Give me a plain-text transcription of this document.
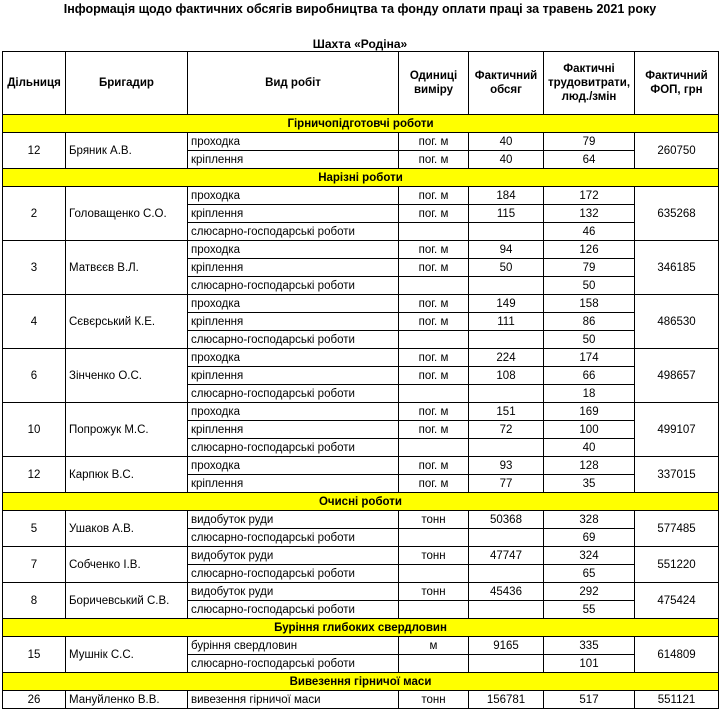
Інформація щодо фактичних обсягів виробництва та фонду оплати праці за травень 2021 року
Шахта «Родіна»
Дільниця	Бригадир	Вид робіт	Одиниці виміру	Фактичний обсяг	Фактичні трудовитрати, люд./змін	Фактичний ФОП, грн
Гірничопідготовчі роботи						
12	Бряник А.В.	проходка	пог. м	40	79	260750
		кріплення	пог. м	40	64	
Нарізні роботи						
2	Головащенко С.О.	проходка	пог. м	184	172	635268
		кріплення	пог. м	115	132	
		слюсарно-господарські роботи			46	
3	Матвєєв В.Л.	проходка	пог. м	94	126	346185
		кріплення	пог. м	50	79	
		слюсарно-господарські роботи			50	
4	Сєвєрський К.Е.	проходка	пог. м	149	158	486530
		кріплення	пог. м	111	86	
		слюсарно-господарські роботи			50	
6	Зінченко О.С.	проходка	пог. м	224	174	498657
		кріплення	пог. м	108	66	
		слюсарно-господарські роботи			18	
10	Попрожук М.С.	проходка	пог. м	151	169	499107
		кріплення	пог. м	72	100	
		слюсарно-господарські роботи			40	
12	Карпюк В.С.	проходка	пог. м	93	128	337015
		кріплення	пог. м	77	35	
Очисні роботи						
5	Ушаков А.В.	видобуток руди	тонн	50368	328	577485
		слюсарно-господарські роботи			69	
7	Собченко І.В.	видобуток руди	тонн	47747	324	551220
		слюсарно-господарські роботи			65	
8	Боричевський С.В.	видобуток руди	тонн	45436	292	475424
		слюсарно-господарські роботи			55	
Буріння глибоких свердловин						
15	Мушнік С.С.	буріння свердловин	м	9165	335	614809
		слюсарно-господарські роботи			101	
Вивезення гірничої маси						
26	Мануйленко В.В.	вивезення гірничої маси	тонн	156781	517	551121
